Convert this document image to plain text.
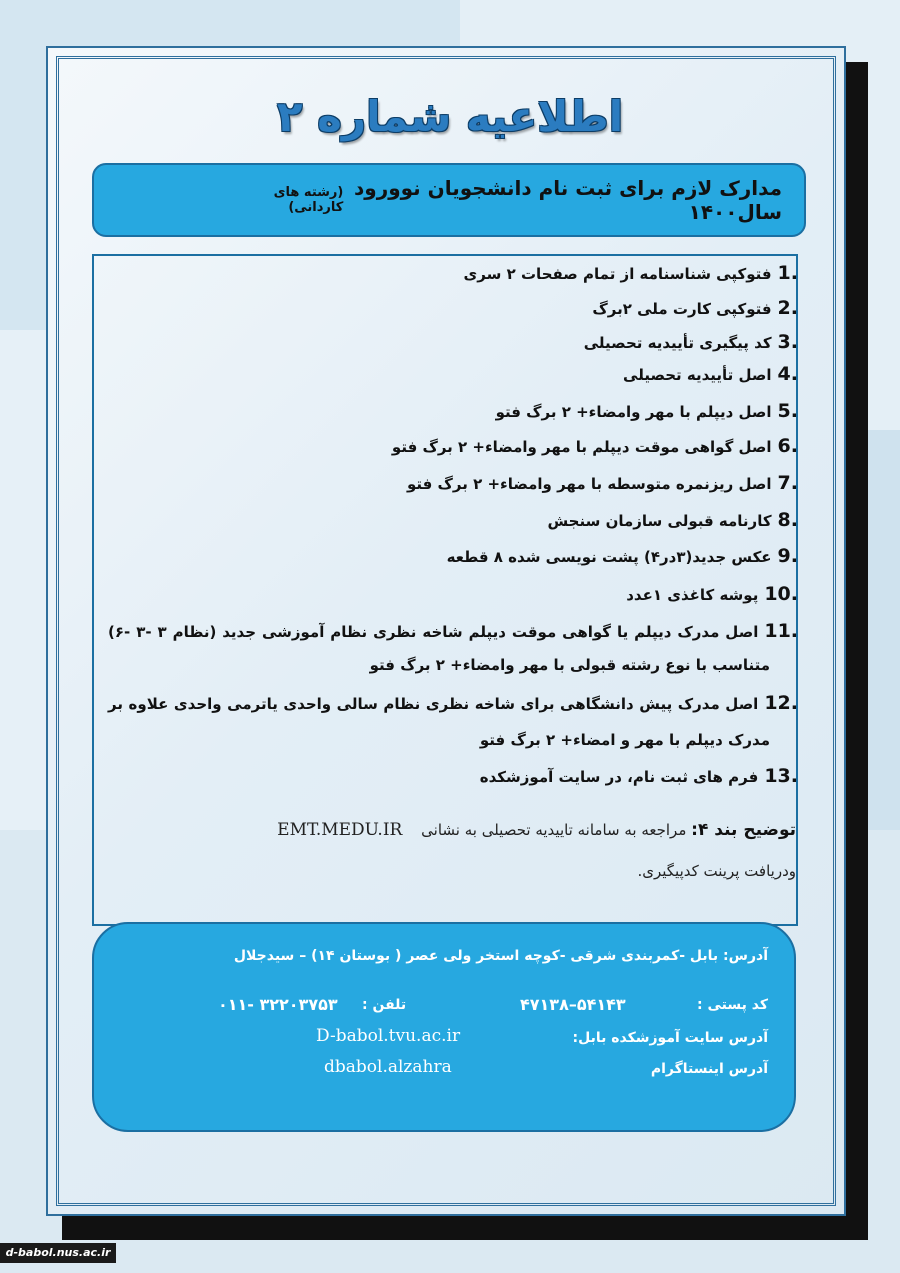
اطلاعیه شماره ۲
مدارک لازم برای ثبت نام دانشجویان نوورود سال۱۴۰۰
(رشته های کاردانی)
.1فتوکپی شناسنامه از تمام صفحات ۲ سری
.2فتوکپی کارت ملی ۲برگ
.3کد پیگیری تأییدیه تحصیلی
.4اصل تأییدیه تحصیلی
.5اصل دیپلم با مهر وامضاء+ ۲ برگ فتو
.6اصل گواهی موقت دیپلم با مهر وامضاء+ ۲ برگ فتو
.7اصل ریزنمره متوسطه با مهر وامضاء+ ۲ برگ فتو
.8کارنامه قبولی سازمان سنجش
.9عکس جدید(۳در۴) پشت نویسی شده ۸ قطعه
.10پوشه کاغذی ۱عدد
.11اصل مدرک دیپلم یا گواهی موقت دیپلم شاخه نظری نظام آموزشی جدید (نظام ۳ -۳ -۶)
متناسب با نوع رشته قبولی با مهر وامضاء+ ۲ برگ فتو
.12اصل مدرک پیش دانشگاهی برای شاخه نظری نظام سالی واحدی یاترمی واحدی علاوه بر
مدرک دیپلم با مهر و امضاء+ ۲ برگ فتو
.13فرم های ثبت نام، در سایت آموزشکده
توضیح بند ۴: مراجعه به سامانه تاییدیه تحصیلی به نشانی EMT.MEDU.IR
ودریافت پرینت کدپیگیری.
آدرس: بابل -کمربندی شرقی -کوچه استخر ولی عصر ( بوستان ۱۴) – سیدجلال
کد پستی :
۴۷۱۳۸–۵۴۱۴۳
تلفن :
۰۱۱- ۳۲۲۰۳۷۵۳
آدرس سایت آموزشکده بابل:
D-babol.tvu.ac.ir
آدرس اینستاگرام
dbabol.alzahra
d-babol.nus.ac.ir
